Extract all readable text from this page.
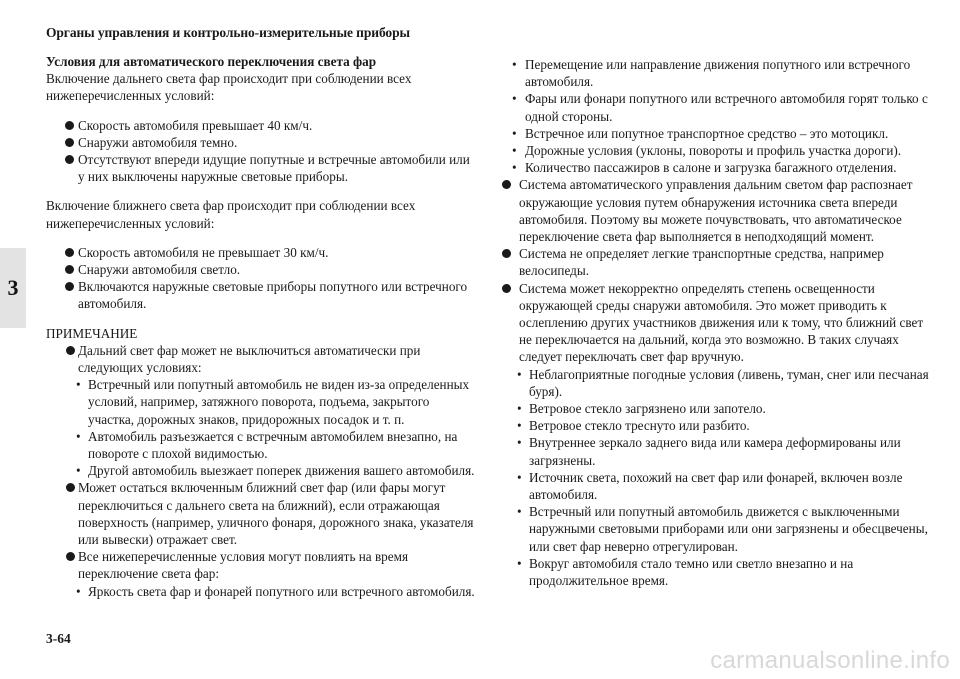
Органы управления и контрольно-измерительные приборы
3

Условия для автоматического переключения света фар

Включение дальнего света фар происходит при соблюдении всех нижеперечисленных условий:

Скорость автомобиля превышает 40 км/ч.
Снаружи автомобиля темно.
Отсутствуют впереди идущие попутные и встречные автомобили или у них выключены наружные световые приборы.

Включение ближнего света фар происходит при соблюдении всех нижеперечисленных условий:

Скорость автомобиля не превышает 30 км/ч.
Снаружи автомобиля светло.
Включаются наружные световые приборы попутного или встречного автомобиля.

ПРИМЕЧАНИЕ

Дальний свет фар может не выключиться автоматически при следующих условиях:
• Встречный или попутный автомобиль не виден из-за определенных условий, например, затяжного поворота, подъема, закрытого участка, дорожных знаков, придорожных посадок и т. п.
• Автомобиль разъезжается с встречным автомобилем внезапно, на повороте с плохой видимостью.
• Другой автомобиль выезжает поперек движения вашего автомобиля.
Может остаться включенным ближний свет фар (или фары могут переключиться с дальнего света на ближний), если отражающая поверхность (например, уличного фонаря, дорожного знака, указателя или вывески) отражает свет.
Все нижеперечисленные условия могут повлиять на время переключение света фар:
• Яркость света фар и фонарей попутного или встречного автомобиля.
• Перемещение или направление движения попутного или встречного автомобиля.
• Фары или фонари попутного или встречного автомобиля горят только с одной стороны.
• Встречное или попутное транспортное средство – это мотоцикл.
• Дорожные условия (уклоны, повороты и профиль участка дороги).
• Количество пассажиров в салоне и загрузка багажного отделения.
Система автоматического управления дальним светом фар распознает окружающие условия путем обнаружения источника света впереди автомобиля. Поэтому вы можете почувствовать, что автоматическое переключение света фар выполняется в неподходящий момент.
Система не определяет легкие транспортные средства, например велосипеды.
Система может некорректно определять степень освещенности окружающей среды снаружи автомобиля. Это может приводить к ослеплению других участников движения или к тому, что ближний свет не переключается на дальний, когда это возможно. В таких случаях следует переключать свет фар вручную.
• Неблагоприятные погодные условия (ливень, туман, снег или песчаная буря).
• Ветровое стекло загрязнено или запотело.
• Ветровое стекло треснуто или разбито.
• Внутреннее зеркало заднего вида или камера деформированы или загрязнены.
• Источник света, похожий на свет фар или фонарей, включен возле автомобиля.
• Встречный или попутный автомобиль движется с выключенными наружными световыми приборами или они загрязнены и обесцвечены, или свет фар неверно отрегулирован.
• Вокруг автомобиля стало темно или светло внезапно и на продолжительное время.
3-64
carmanualsonline.info
